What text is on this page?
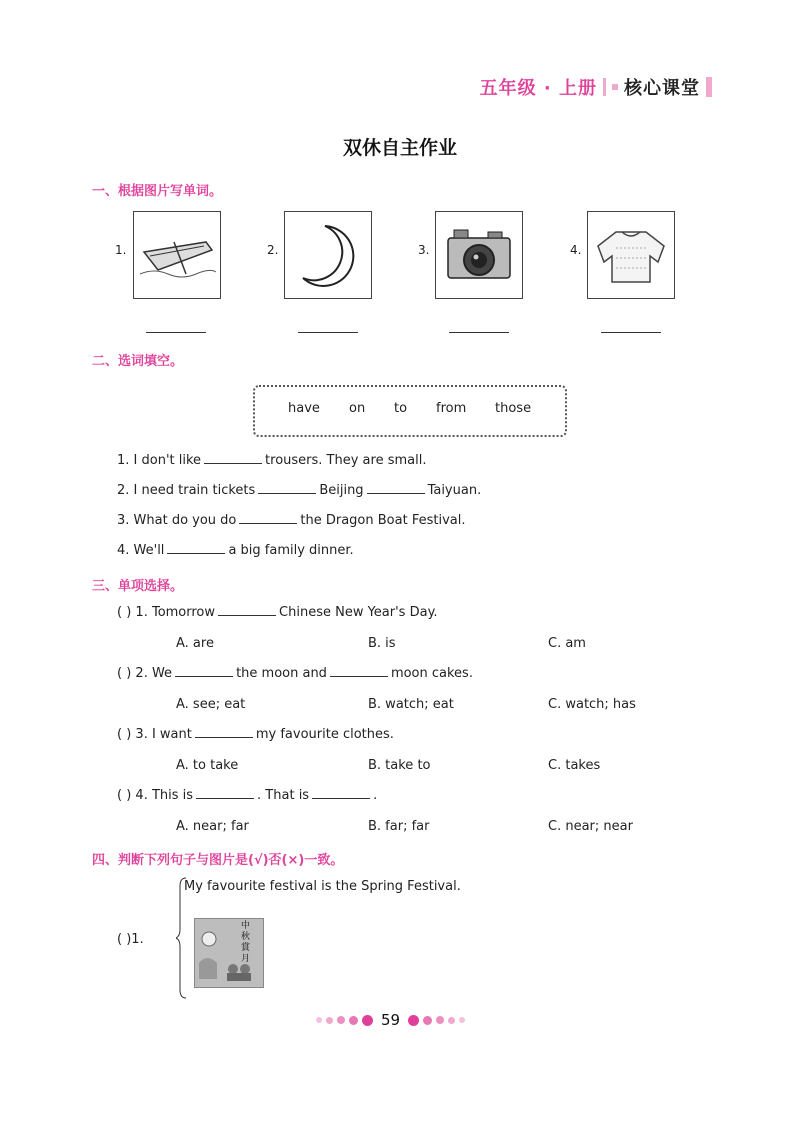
五年级 · 上册 核心课堂
双休自主作业
一、根据图片写单词。
1.	2.	3.	4.
二、选词填空。
have on to from those
1. I don't like	trousers. They are small.
2. I need train tickets	Beijing	Taiyuan.
3. What do you do	the Dragon Boat Festival.
4. We'll	a big family dinner.
三、单项选择。
( ) 1. Tomorrow	Chinese New Year's Day.
A. are	B. is	C. am
( ) 2. We	the moon and	moon cakes.
A. see; eat	B. watch; eat	C. watch; has
( ) 3. I want	my favourite clothes.
A. to take	B. take to	C. takes
( ) 4. This is	. That is	.
A. near; far	B. far; far	C. near; near
四、判断下列句子与图片是(√)否(×)一致。
My favourite festival is the Spring Festival.
( )1.
中秋賞月
59
